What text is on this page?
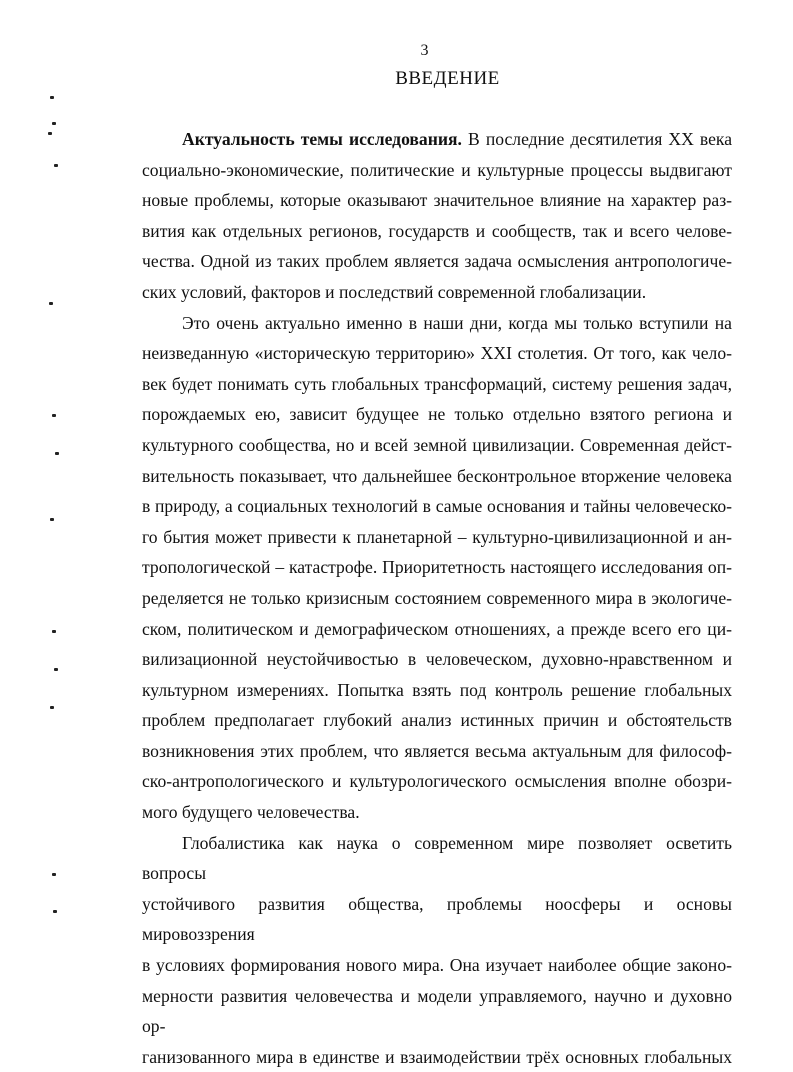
3
ВВЕДЕНИЕ
Актуальность темы исследования. В последние десятилетия XX века
социально-экономические, политические и культурные процессы выдвигают
новые проблемы, которые оказывают значительное влияние на характер раз-
вития как отдельных регионов, государств и сообществ, так и всего челове-
чества. Одной из таких проблем является задача осмысления антропологиче-
ских условий, факторов и последствий современной глобализации.
Это очень актуально именно в наши дни, когда мы только вступили на
неизведанную «историческую территорию» XXI столетия. От того, как чело-
век будет понимать суть глобальных трансформаций, систему решения задач,
порождаемых ею, зависит будущее не только отдельно взятого региона и
культурного сообщества, но и всей земной цивилизации. Современная дейст-
вительность показывает, что дальнейшее бесконтрольное вторжение человека
в природу, а социальных технологий в самые основания и тайны человеческо-
го бытия может привести к планетарной – культурно-цивилизационной и ан-
тропологической – катастрофе. Приоритетность настоящего исследования оп-
ределяется не только кризисным состоянием современного мира в экологиче-
ском, политическом и демографическом отношениях, а прежде всего его ци-
вилизационной неустойчивостью в человеческом, духовно-нравственном и
культурном измерениях. Попытка взять под контроль решение глобальных
проблем предполагает глубокий анализ истинных причин и обстоятельств
возникновения этих проблем, что является весьма актуальным для философ-
ско-антропологического и культурологического осмысления вполне обозри-
мого будущего человечества.
Глобалистика как наука о современном мире позволяет осветить вопросы
устойчивого развития общества, проблемы ноосферы и основы мировоззрения
в условиях формирования нового мира. Она изучает наиболее общие законо-
мерности развития человечества и модели управляемого, научно и духовно ор-
ганизованного мира в единстве и взаимодействии трёх основных глобальных
